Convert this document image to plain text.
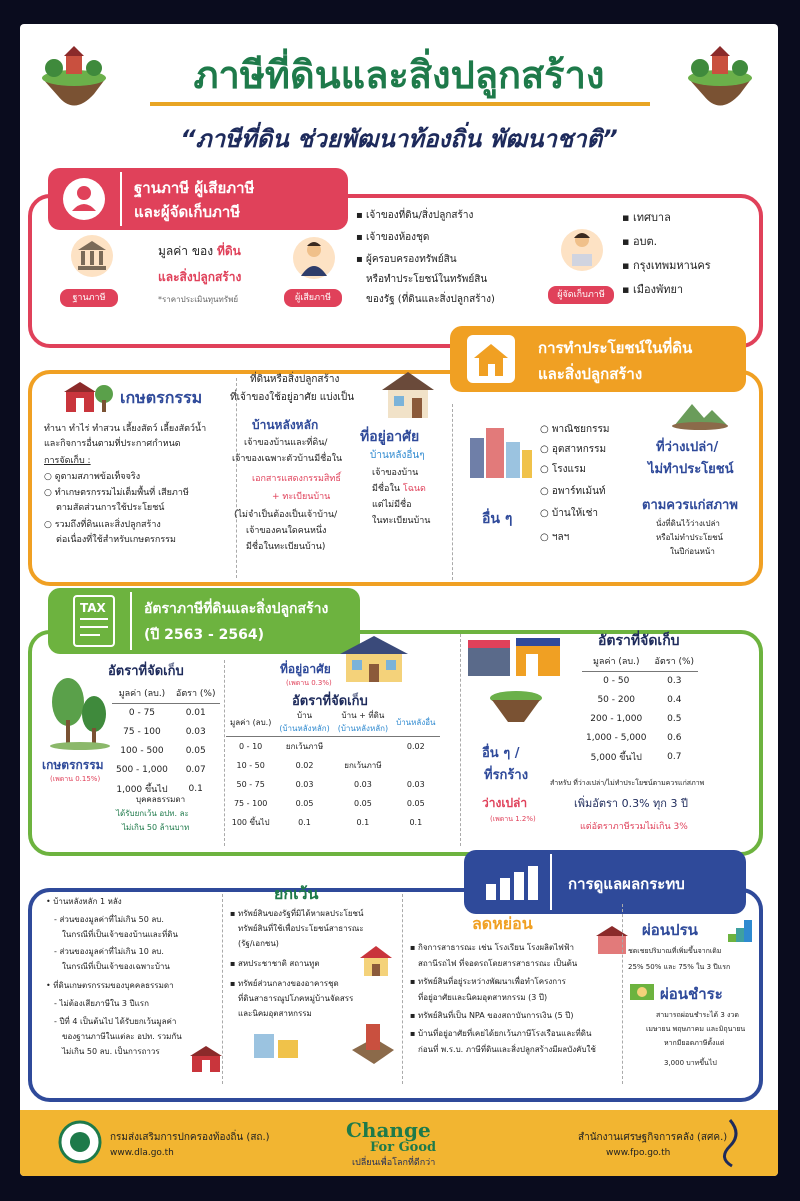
ภาษีที่ดินและสิ่งปลูกสร้าง
“ภาษีที่ดิน ช่วยพัฒนาท้องถิ่น พัฒนาชาติ”
ฐานภาษี ผู้เสียภาษี
และผู้จัดเก็บภาษี
ฐานภาษี
มูลค่า ของ ที่ดิน
และสิ่งปลูกสร้าง
*ราคาประเมินทุนทรัพย์	ผู้เสียภาษี
▪ เจ้าของที่ดิน/สิ่งปลูกสร้าง
▪ เจ้าของห้องชุด
▪ ผู้ครอบครองทรัพย์สิน
หรือทำประโยชน์ในทรัพย์สิน
ของรัฐ (ที่ดินและสิ่งปลูกสร้าง)	ผู้จัดเก็บภาษี
▪ เทศบาล
▪ อบต.
▪ กรุงเทพมหานคร
▪ เมืองพัทยา
การทำประโยชน์ในที่ดิน
และสิ่งปลูกสร้าง
เกษตรกรรม
ทำนา ทำไร่ ทำสวน เลี้ยงสัตว์ เลี้ยงสัตว์น้ำ
และกิจการอื่นตามที่ประกาศกำหนด
การจัดเก็บ :
○ ดูตามสภาพข้อเท็จจริง
○ ทำเกษตรกรรมไม่เต็มพื้นที่ เสียภาษี
ตามสัดส่วนการใช้ประโยชน์
○ รวมถึงที่ดินและสิ่งปลูกสร้าง
ต่อเนื่องที่ใช้สำหรับเกษตรกรรม
ที่ดินหรือสิ่งปลูกสร้าง
ที่เจ้าของใช้อยู่อาศัย แบ่งเป็น
บ้านหลังหลัก
เจ้าของบ้านและที่ดิน/
เจ้าของเฉพาะตัวบ้านมีชื่อใน
เอกสารแสดงกรรมสิทธิ์
+ ทะเบียนบ้าน
(ไม่จำเป็นต้องเป็นเจ้าบ้าน/
เจ้าของคนใดคนหนึ่ง
มีชื่อในทะเบียนบ้าน)
ที่อยู่อาศัย
บ้านหลังอื่นๆ
เจ้าของบ้าน
มีชื่อใน โฉนด
แต่ไม่มีชื่อ
ในทะเบียนบ้าน	อื่น ๆ
○ พาณิชยกรรม
○ อุตสาหกรรม
○ โรงแรม
○ อพาร์ทเม้นท์
○ บ้านให้เช่า
○ ฯลฯ
ที่ว่างเปล่า/
ไม่ทำประโยชน์
ตามควรแก่สภาพ
นั่งที่ดินไว้ว่างเปล่า
หรือไม่ทำประโยชน์
ในปีก่อนหน้า
TAX	อัตราภาษีที่ดินและสิ่งปลูกสร้าง
(ปี 2563 - 2564)
อัตราที่จัดเก็บ
เกษตรกรรม
(เพดาน 0.15%)
มูลค่า (ลบ.)	อัตรา (%)
0 - 75	0.01
75 - 100	0.03
100 - 500	0.05
500 - 1,000	0.07
1,000 ขึ้นไป	0.1
บุคคลธรรมดา
ได้รับยกเว้น อปท. ละ
ไม่เกิน 50 ล้านบาท
ที่อยู่อาศัย
(เพดาน 0.3%)
อัตราที่จัดเก็บ
มูลค่า (ลบ.)	บ้าน
(บ้านหลังหลัก)	บ้าน + ที่ดิน
(บ้านหลังหลัก)	บ้านหลังอื่น
0 - 10	ยกเว้นภาษี		0.02
10 - 50	0.02	ยกเว้นภาษี	
50 - 75	0.03	0.03	0.03
75 - 100	0.05	0.05	0.05
100 ขึ้นไป	0.1	0.1	0.1
อื่น ๆ /
ที่รกร้าง
ว่างเปล่า
(เพดาน 1.2%)
อัตราที่จัดเก็บ
มูลค่า (ลบ.)	อัตรา (%)
0 - 50	0.3
50 - 200	0.4
200 - 1,000	0.5
1,000 - 5,000	0.6
5,000 ขึ้นไป	0.7
สำหรับ ที่ว่างเปล่า/ไม่ทำประโยชน์ตามควรแก่สภาพ
เพิ่มอัตรา 0.3% ทุก 3 ปี
แต่อัตราภาษีรวมไม่เกิน 3%
การดูแลผลกระทบ
• บ้านหลังหลัก 1 หลัง
- ส่วนของมูลค่าที่ไม่เกิน 50 ลบ.
ในกรณีที่เป็นเจ้าของบ้านและที่ดิน
- ส่วนของมูลค่าที่ไม่เกิน 10 ลบ.
ในกรณีที่เป็นเจ้าของเฉพาะบ้าน
• ที่ดินเกษตรกรรมของบุคคลธรรมดา
- ไม่ต้องเสียภาษีใน 3 ปีแรก
- ปีที่ 4 เป็นต้นไป ได้รับยกเว้นมูลค่า
ของฐานภาษีในแต่ละ อปท. รวมกัน
ไม่เกิน 50 ลบ. เป็นการถาวร
ยกเว้น
▪ ทรัพย์สินของรัฐที่มิได้หาผลประโยชน์
ทรัพย์สินที่ใช้เพื่อประโยชน์สาธารณะ
(รัฐ/เอกชน)
▪ สหประชาชาติ สถานทูต
▪ ทรัพย์ส่วนกลางของอาคารชุด
ที่ดินสาธารณูปโภคหมู่บ้านจัดสรร
และนิคมอุตสาหกรรม
ลดหย่อน
▪ กิจการสาธารณะ เช่น โรงเรียน โรงผลิตไฟฟ้า
สถานีรถไฟ ที่จอดรถโดยสารสาธารณะ เป็นต้น
▪ ทรัพย์สินที่อยู่ระหว่างพัฒนาเพื่อทำโครงการ
ที่อยู่อาศัยและนิคมอุตสาหกรรม (3 ปี)
▪ ทรัพย์สินที่เป็น NPA ของสถาบันการเงิน (5 ปี)
▪ บ้านที่อยู่อาศัยที่เคยได้ยกเว้นภาษีโรงเรือนและที่ดิน
ก่อนที่ พ.ร.บ. ภาษีที่ดินและสิ่งปลูกสร้างมีผลบังคับใช้
ผ่อนปรน
ชดเชยปริมาณที่เพิ่มขึ้นจากเดิม
25% 50% และ 75% ใน 3 ปีแรก
ผ่อนชำระ
สามารถผ่อนชำระได้ 3 งวด
เมษายน พฤษภาคม และมิถุนายน
หากมียอดภาษีตั้งแต่
3,000 บาทขึ้นไป
กรมส่งเสริมการปกครองท้องถิ่น (สถ.)
www.dla.go.th
Change
For Good
เปลี่ยนเพื่อโลกที่ดีกว่า
สำนักงานเศรษฐกิจการคลัง (สศค.)
www.fpo.go.th
